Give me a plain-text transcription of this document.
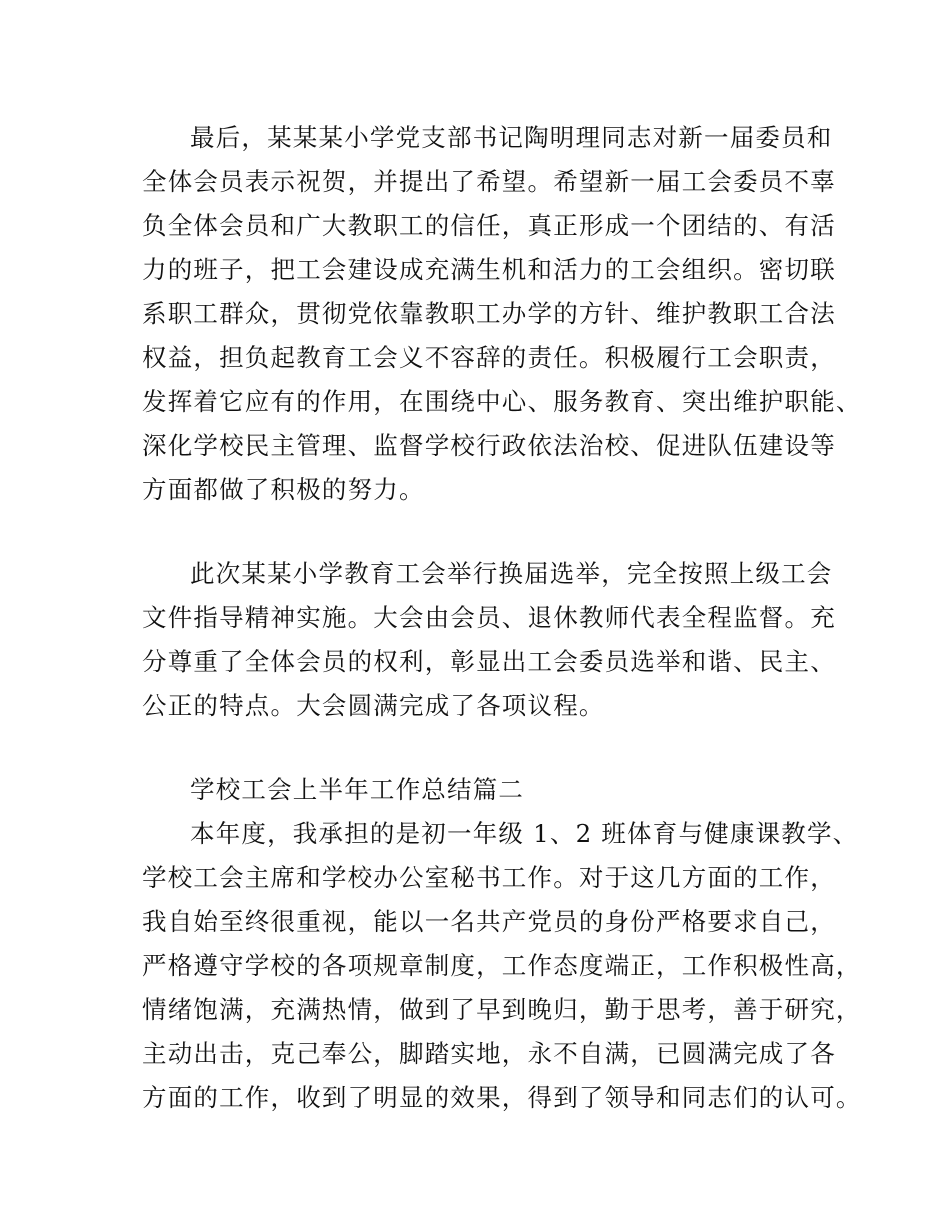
最后，某某某小学党支部书记陶明理同志对新一届委员和
全体会员表示祝贺，并提出了希望。希望新一届工会委员不辜
负全体会员和广大教职工的信任，真正形成一个团结的、有活
力的班子，把工会建设成充满生机和活力的工会组织。密切联
系职工群众，贯彻党依靠教职工办学的方针、维护教职工合法
权益，担负起教育工会义不容辞的责任。积极履行工会职责，
发挥着它应有的作用，在围绕中心、服务教育、突出维护职能、
深化学校民主管理、监督学校行政依法治校、促进队伍建设等
方面都做了积极的努力。
此次某某小学教育工会举行换届选举，完全按照上级工会
文件指导精神实施。大会由会员、退休教师代表全程监督。充
分尊重了全体会员的权利，彰显出工会委员选举和谐、民主、
公正的特点。大会圆满完成了各项议程。
学校工会上半年工作总结篇二
本年度，我承担的是初一年级 1、2 班体育与健康课教学、
学校工会主席和学校办公室秘书工作。对于这几方面的工作，
我自始至终很重视，能以一名共产党员的身份严格要求自己，
严格遵守学校的各项规章制度，工作态度端正，工作积极性高，
情绪饱满，充满热情，做到了早到晚归，勤于思考，善于研究，
主动出击，克己奉公，脚踏实地，永不自满，已圆满完成了各
方面的工作，收到了明显的效果，得到了领导和同志们的认可。
